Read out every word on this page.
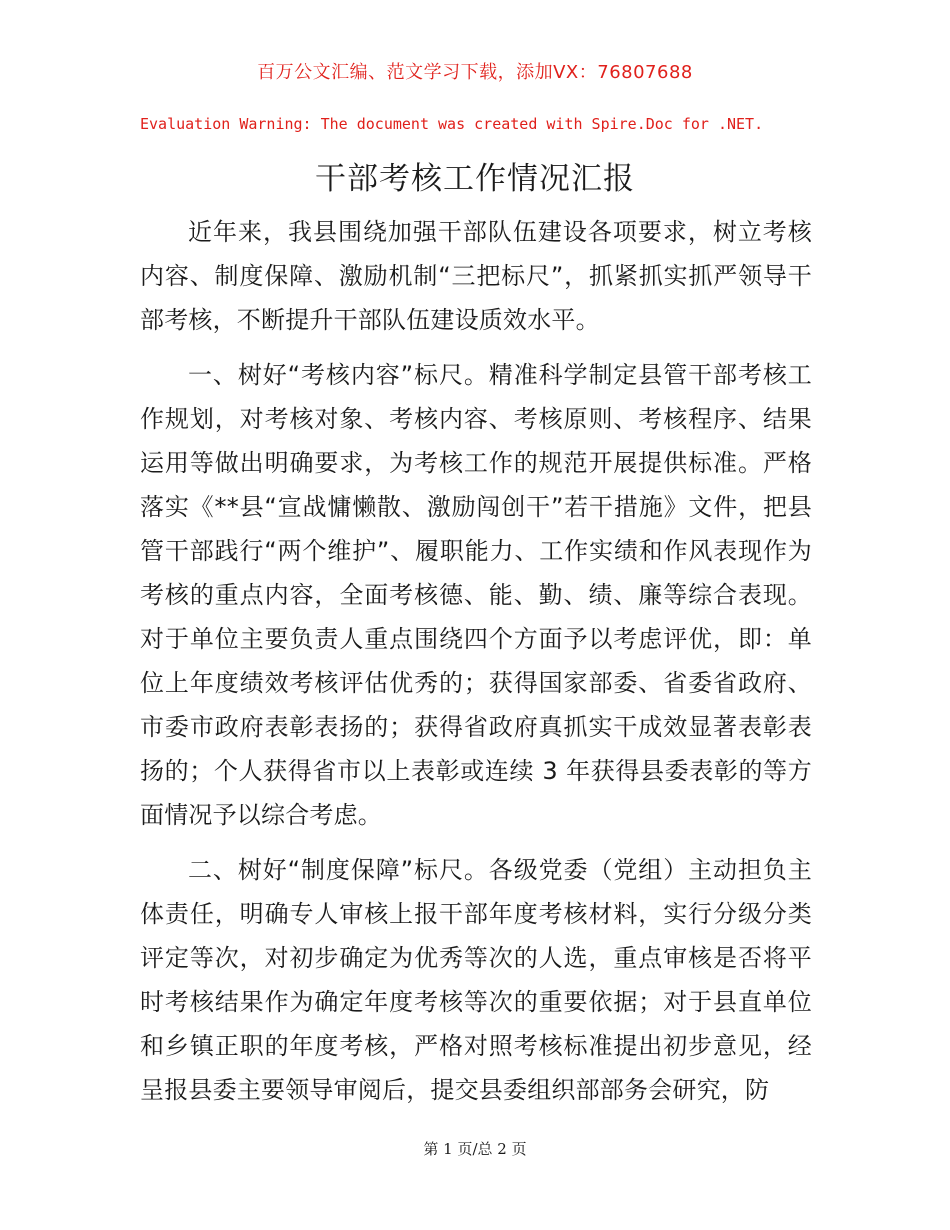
百万公文汇编、范文学习下载，添加VX：76807688
Evaluation Warning: The document was created with Spire.Doc for .NET.
干部考核工作情况汇报

近年来，我县围绕加强干部队伍建设各项要求，树立考核内容、制度保障、激励机制“三把标尺”，抓紧抓实抓严领导干部考核，不断提升干部队伍建设质效水平。

一、树好“考核内容”标尺。精准科学制定县管干部考核工作规划，对考核对象、考核内容、考核原则、考核程序、结果运用等做出明确要求，为考核工作的规范开展提供标准。严格落实《**县“宣战慵懒散、激励闯创干”若干措施》文件，把县管干部践行“两个维护”、履职能力、工作实绩和作风表现作为考核的重点内容，全面考核德、能、勤、绩、廉等综合表现。对于单位主要负责人重点围绕四个方面予以考虑评优，即：单位上年度绩效考核评估优秀的；获得国家部委、省委省政府、市委市政府表彰表扬的；获得省政府真抓实干成效显著表彰表扬的；个人获得省市以上表彰或连续 3 年获得县委表彰的等方面情况予以综合考虑。

二、树好“制度保障”标尺。各级党委（党组）主动担负主体责任，明确专人审核上报干部年度考核材料，实行分级分类评定等次，对初步确定为优秀等次的人选，重点审核是否将平时考核结果作为确定年度考核等次的重要依据；对于县直单位和乡镇正职的年度考核，严格对照考核标准提出初步意见，经呈报县委主要领导审阅后，提交县委组织部部务会研究，防

第 1 页/总 2 页
